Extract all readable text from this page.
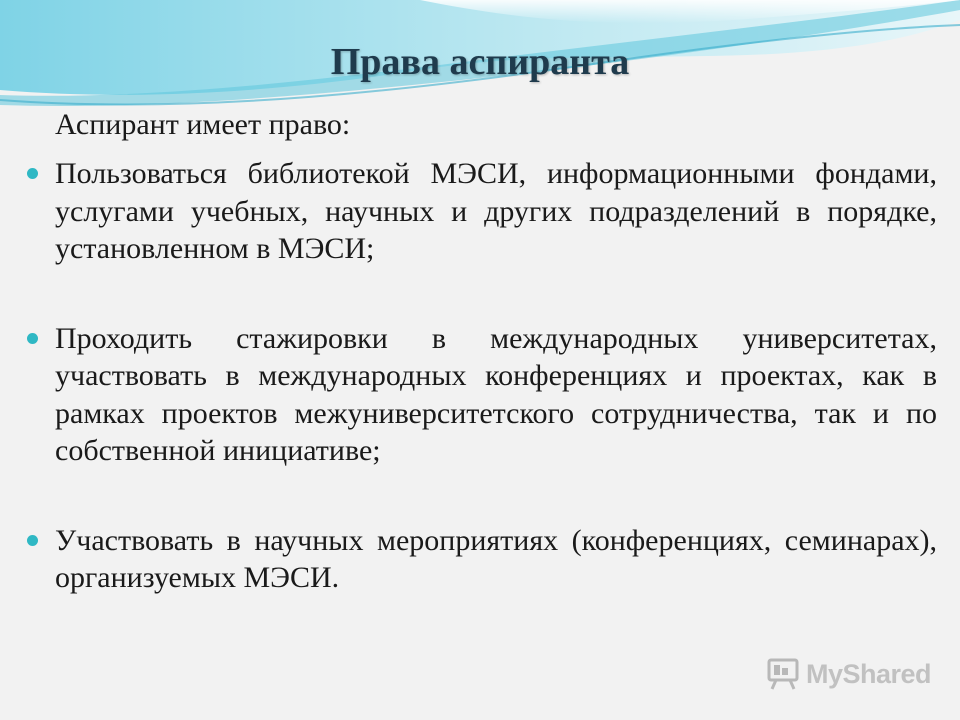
Права аспиранта
Аспирант имеет право:
Пользоваться библиотекой МЭСИ, информационными фондами, услугами учебных, научных и других подразделений в порядке, установленном в МЭСИ;
Проходить стажировки в международных университетах, участвовать в международных конференциях и проектах, как в рамках проектов межуниверситетского сотрудничества, так и по собственной инициативе;
Участвовать в научных мероприятиях (конференциях, семинарах), организуемых МЭСИ.
MyShared
